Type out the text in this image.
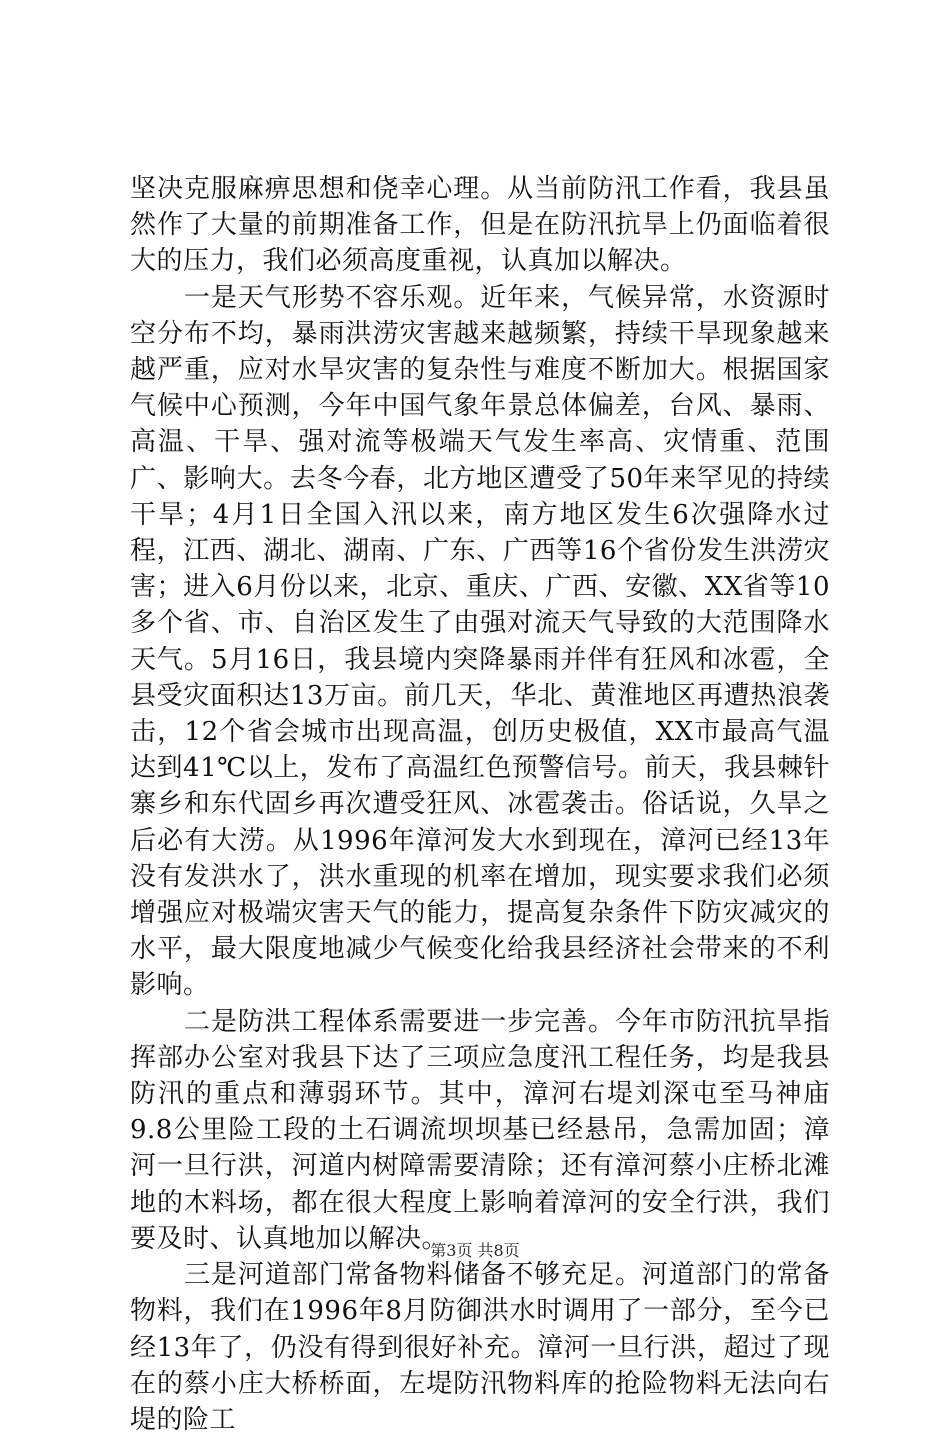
坚决克服麻痹思想和侥幸心理。从当前防汛工作看，我县虽然作了大量的前期准备工作，但是在防汛抗旱上仍面临着很大的压力，我们必须高度重视，认真加以解决。

一是天气形势不容乐观。近年来，气候异常，水资源时空分布不均，暴雨洪涝灾害越来越频繁，持续干旱现象越来越严重，应对水旱灾害的复杂性与难度不断加大。根据国家气候中心预测，今年中国气象年景总体偏差，台风、暴雨、高温、干旱、强对流等极端天气发生率高、灾情重、范围广、影响大。去冬今春，北方地区遭受了50年来罕见的持续干旱；4月1日全国入汛以来，南方地区发生6次强降水过程，江西、湖北、湖南、广东、广西等16个省份发生洪涝灾害；进入6月份以来，北京、重庆、广西、安徽、XX省等10多个省、市、自治区发生了由强对流天气导致的大范围降水天气。5月16日，我县境内突降暴雨并伴有狂风和冰雹，全县受灾面积达13万亩。前几天，华北、黄淮地区再遭热浪袭击，12个省会城市出现高温，创历史极值，XX市最高气温达到41℃以上，发布了高温红色预警信号。前天，我县棘针寨乡和东代固乡再次遭受狂风、冰雹袭击。俗话说，久旱之后必有大涝。从1996年漳河发大水到现在，漳河已经13年没有发洪水了，洪水重现的机率在增加，现实要求我们必须增强应对极端灾害天气的能力，提高复杂条件下防灾减灾的水平，最大限度地减少气候变化给我县经济社会带来的不利影响。

二是防洪工程体系需要进一步完善。今年市防汛抗旱指挥部办公室对我县下达了三项应急度汛工程任务，均是我县防汛的重点和薄弱环节。其中，漳河右堤刘深屯至马神庙9.8公里险工段的土石调流坝坝基已经悬吊，急需加固；漳河一旦行洪，河道内树障需要清除；还有漳河蔡小庄桥北滩地的木料场，都在很大程度上影响着漳河的安全行洪，我们要及时、认真地加以解决。

三是河道部门常备物料储备不够充足。河道部门的常备物料，我们在1996年8月防御洪水时调用了一部分，至今已经13年了，仍没有得到很好补充。漳河一旦行洪，超过了现在的蔡小庄大桥桥面，左堤防汛物料库的抢险物料无法向右堤的险工

第3页 共8页
